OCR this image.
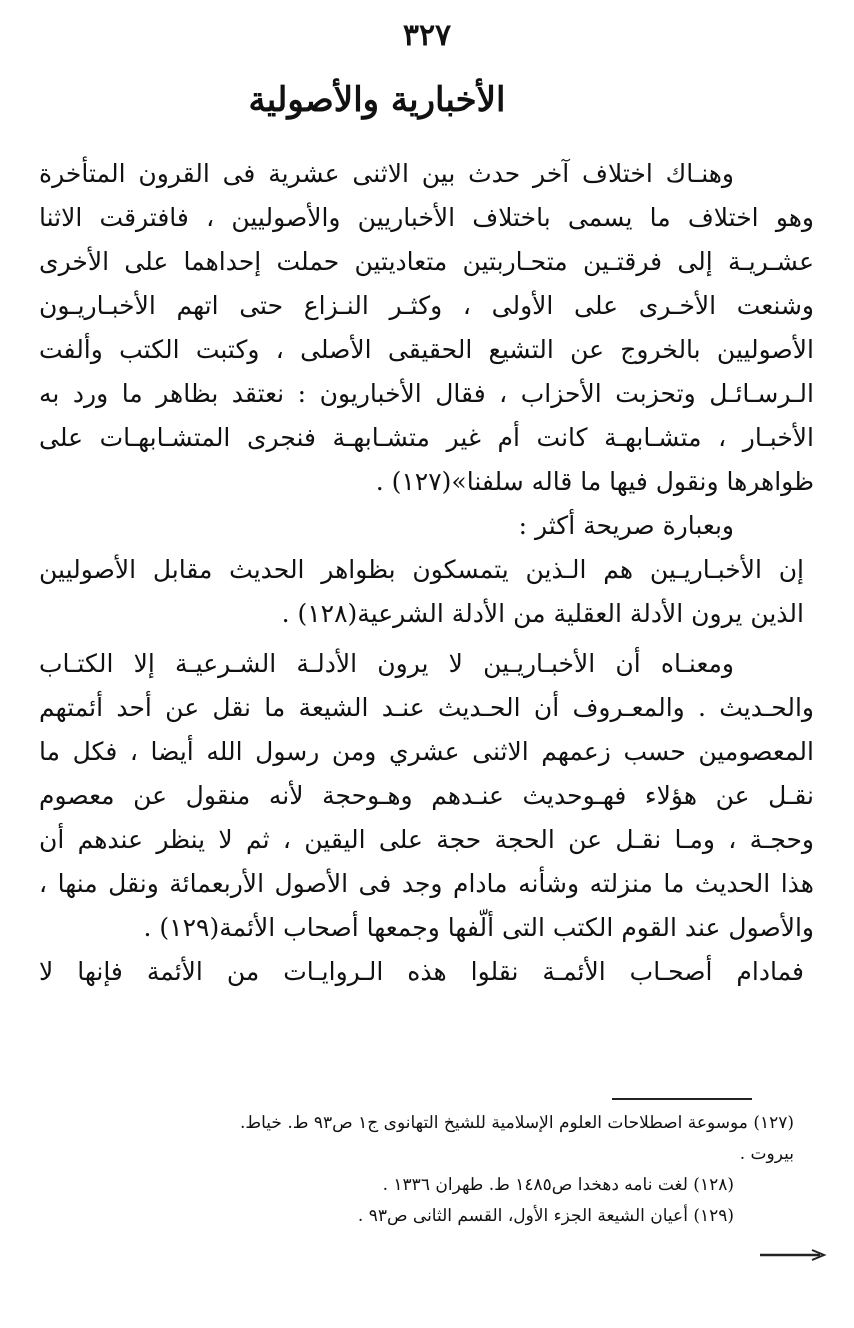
٣٢٧
الأخبارية والأصولية
وهنـاك اختلاف آخر حدث بين الاثنى عشرية فى القرون المتأخرة
وهو اختلاف ما يسمى باختلاف الأخباريين والأصوليين ، فافترقت الاثنا
عشـريـة إلى فرقتـين متحـاربتين متعاديتين حملت إحداهما على الأخرى
وشنعت الأخـرى على الأولى ، وكثـر النـزاع حتى اتهم الأخبـاريـون
الأصوليين بالخروج عن التشيع الحقيقى الأصلى ، وكتبت الكتب وألفت
الـرسـائـل وتحزبت الأحزاب ، فقال الأخباريون : نعتقد بظاهر ما ورد به
الأخبـار ، متشـابهـة كانت أم غير متشـابهـة فنجرى المتشـابهـات على
ظواهرها ونقول فيها ما قاله سلفنا»(١٢٧) .
وبعبارة صريحة أكثر :
إن الأخبـاريـين هم الـذين يتمسكون بظواهر الحديث مقابل الأصوليين
الذين يرون الأدلة العقلية من الأدلة الشرعية(١٢٨) .
ومعنـاه أن الأخبـاريـين لا يرون الأدلـة الشـرعيـة إلا الكتـاب
والحـديث . والمعـروف أن الحـديث عنـد الشيعة ما نقل عن أحد أئمتهم
المعصومين حسب زعمهم الاثنى عشري ومن رسول الله أيضا ، فكل ما
نقـل عن هؤلاء فهـوحديث عنـدهم وهـوحجة لأنه منقول عن معصوم
وحجـة ، ومـا نقـل عن الحجة حجة على اليقين ، ثم لا ينظر عندهم أن
هذا الحديث ما منزلته وشأنه مادام وجد فى الأصول الأربعمائة ونقل منها ،
والأصول عند القوم الكتب التى ألّفها وجمعها أصحاب الأئمة(١٢٩) .
فمادام أصحـاب الأئمـة نقلوا هذه الـروايـات من الأئمة فإنها لا
(١٢٧) موسوعة اصطلاحات العلوم الإسلامية للشيخ التهانوى ج١ ص٩٣ ط. خياط.
بيروت .
(١٢٨) لغت نامه دهخدا ص١٤٨٥ ط. طهران ١٣٣٦ .
(١٢٩) أعيان الشيعة الجزء الأول، القسم الثانى ص٩٣ .
